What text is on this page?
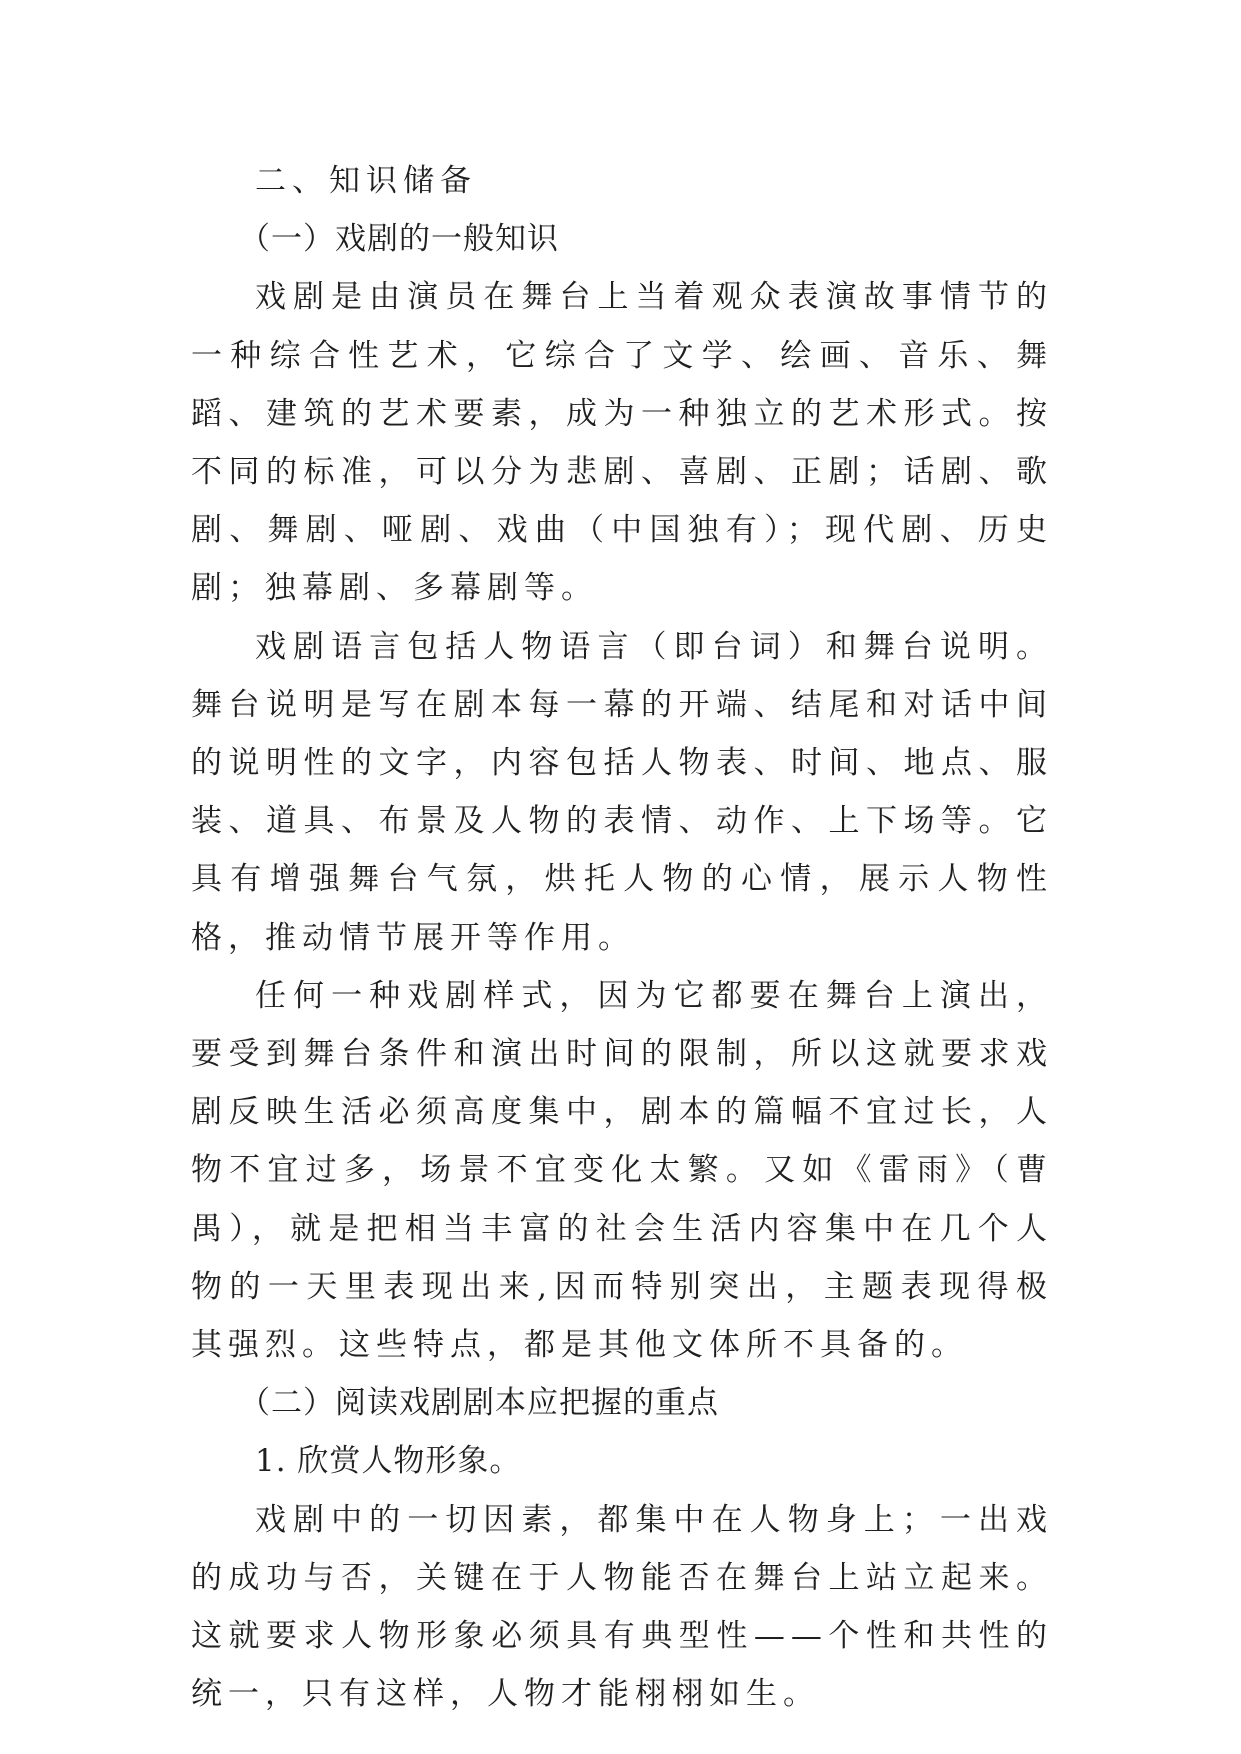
二、知识储备

（一）戏剧的一般知识

戏剧是由演员在舞台上当着观众表演故事情节的一种综合性艺术，它综合了文学、绘画、音乐、舞蹈、建筑的艺术要素，成为一种独立的艺术形式。按不同的标准，可以分为悲剧、喜剧、正剧；话剧、歌剧、舞剧、哑剧、戏曲（中国独有）；现代剧、历史剧；独幕剧、多幕剧等。

戏剧语言包括人物语言（即台词）和舞台说明。舞台说明是写在剧本每一幕的开端、结尾和对话中间的说明性的文字，内容包括人物表、时间、地点、服装、道具、布景及人物的表情、动作、上下场等。它具有增强舞台气氛，烘托人物的心情，展示人物性格，推动情节展开等作用。

任何一种戏剧样式，因为它都要在舞台上演出，要受到舞台条件和演出时间的限制，所以这就要求戏剧反映生活必须高度集中，剧本的篇幅不宜过长，人物不宜过多，场景不宜变化太繁。又如《雷雨》（曹禺），就是把相当丰富的社会生活内容集中在几个人物的一天里表现出来,因而特别突出，主题表现得极其强烈。这些特点，都是其他文体所不具备的。

（二）阅读戏剧剧本应把握的重点

1. 欣赏人物形象。

戏剧中的一切因素，都集中在人物身上；一出戏的成功与否，关键在于人物能否在舞台上站立起来。这就要求人物形象必须具有典型性——个性和共性的统一，只有这样，人物才能栩栩如生。
